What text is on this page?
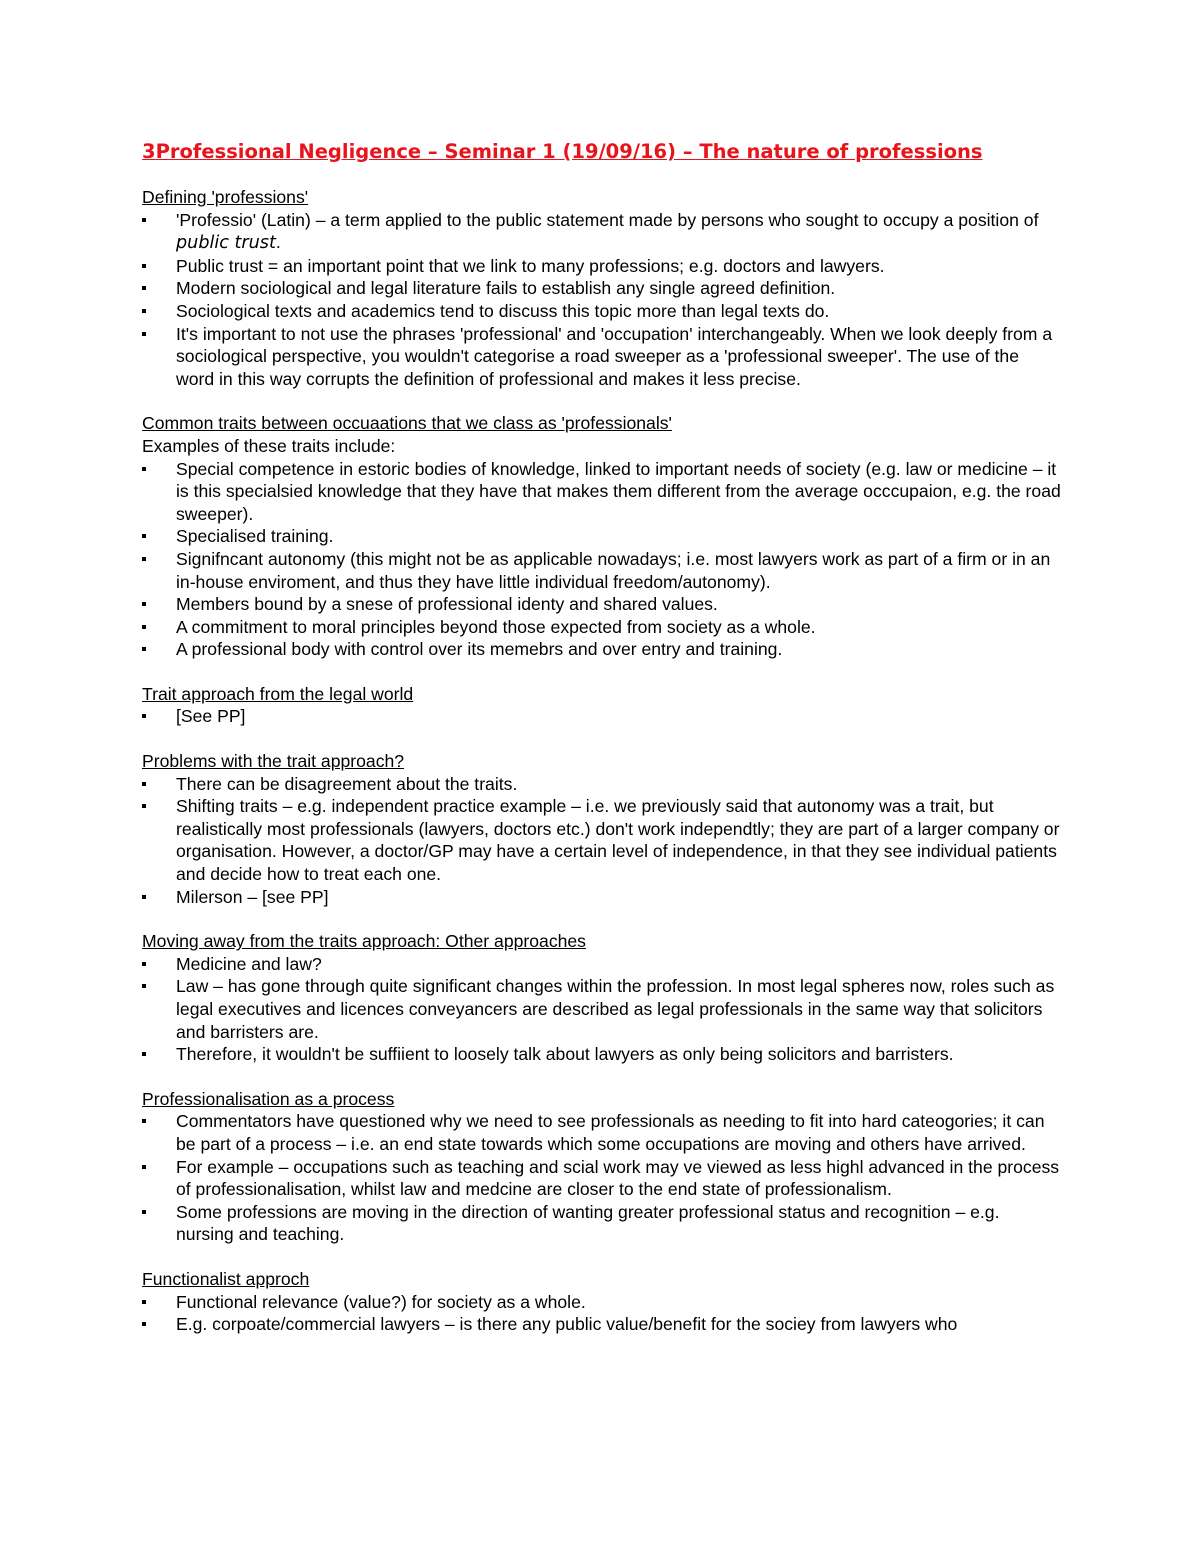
3Professional Negligence – Seminar 1 (19/09/16) – The nature of professions
Defining 'professions'
'Professio' (Latin) – a term applied to the public statement made by persons who sought to occupy a position of public trust.
Public trust = an important point that we link to many professions; e.g. doctors and lawyers.
Modern sociological and legal literature fails to establish any single agreed definition.
Sociological texts and academics tend to discuss this topic more than legal texts do.
It's important to not use the phrases 'professional' and 'occupation' interchangeably. When we look deeply from a sociological perspective, you wouldn't categorise a road sweeper as a 'professional sweeper'. The use of the word in this way corrupts the definition of professional and makes it less precise.
Common traits between occuaations that we class as 'professionals'
Examples of these traits include:
Special competence in estoric bodies of knowledge, linked to important needs of society (e.g. law or medicine – it is this specialsied knowledge that they have that makes them different from the average occcupaion, e.g. the road sweeper).
Specialised training.
Signifncant autonomy (this might not be as applicable nowadays; i.e. most lawyers work as part of a firm or in an in-house enviroment, and thus they have little individual freedom/autonomy).
Members bound by a snese of professional identy and shared values.
A commitment to moral principles beyond those expected from society as a whole.
A professional body with control over its memebrs and over entry and training.
Trait approach from the legal world
[See PP]
Problems with the trait approach?
There can be disagreement about the traits.
Shifting traits – e.g. independent practice example – i.e. we previously said that autonomy was a trait, but realistically most professionals (lawyers, doctors etc.) don't work independtly; they are part of a larger company or organisation. However, a doctor/GP may have a certain level of independence, in that they see individual patients and decide how to treat each one.
Milerson – [see PP]
Moving away from the traits approach: Other approaches
Medicine and law?
Law – has gone through quite significant changes within the profession. In most legal spheres now, roles such as legal executives and licences conveyancers are described as legal professionals in the same way that solicitors and barristers are.
Therefore, it wouldn't be suffiient to loosely talk about lawyers as only being solicitors and barristers.
Professionalisation as a process
Commentators have questioned why we need to see professionals as needing to fit into hard cateogories; it can be part of a process – i.e. an end state towards which some occupations are moving and others have arrived.
For example – occupations such as teaching and scial work may ve viewed as less highl advanced in the process of professionalisation, whilst law and medcine are closer to the end state of professionalism.
Some professions are moving in the direction of wanting greater professional status and recognition – e.g. nursing and teaching.
Functionalist approch
Functional relevance (value?) for society as a whole.
E.g. corpoate/commercial lawyers – is there any public value/benefit for the sociey from lawyers who
